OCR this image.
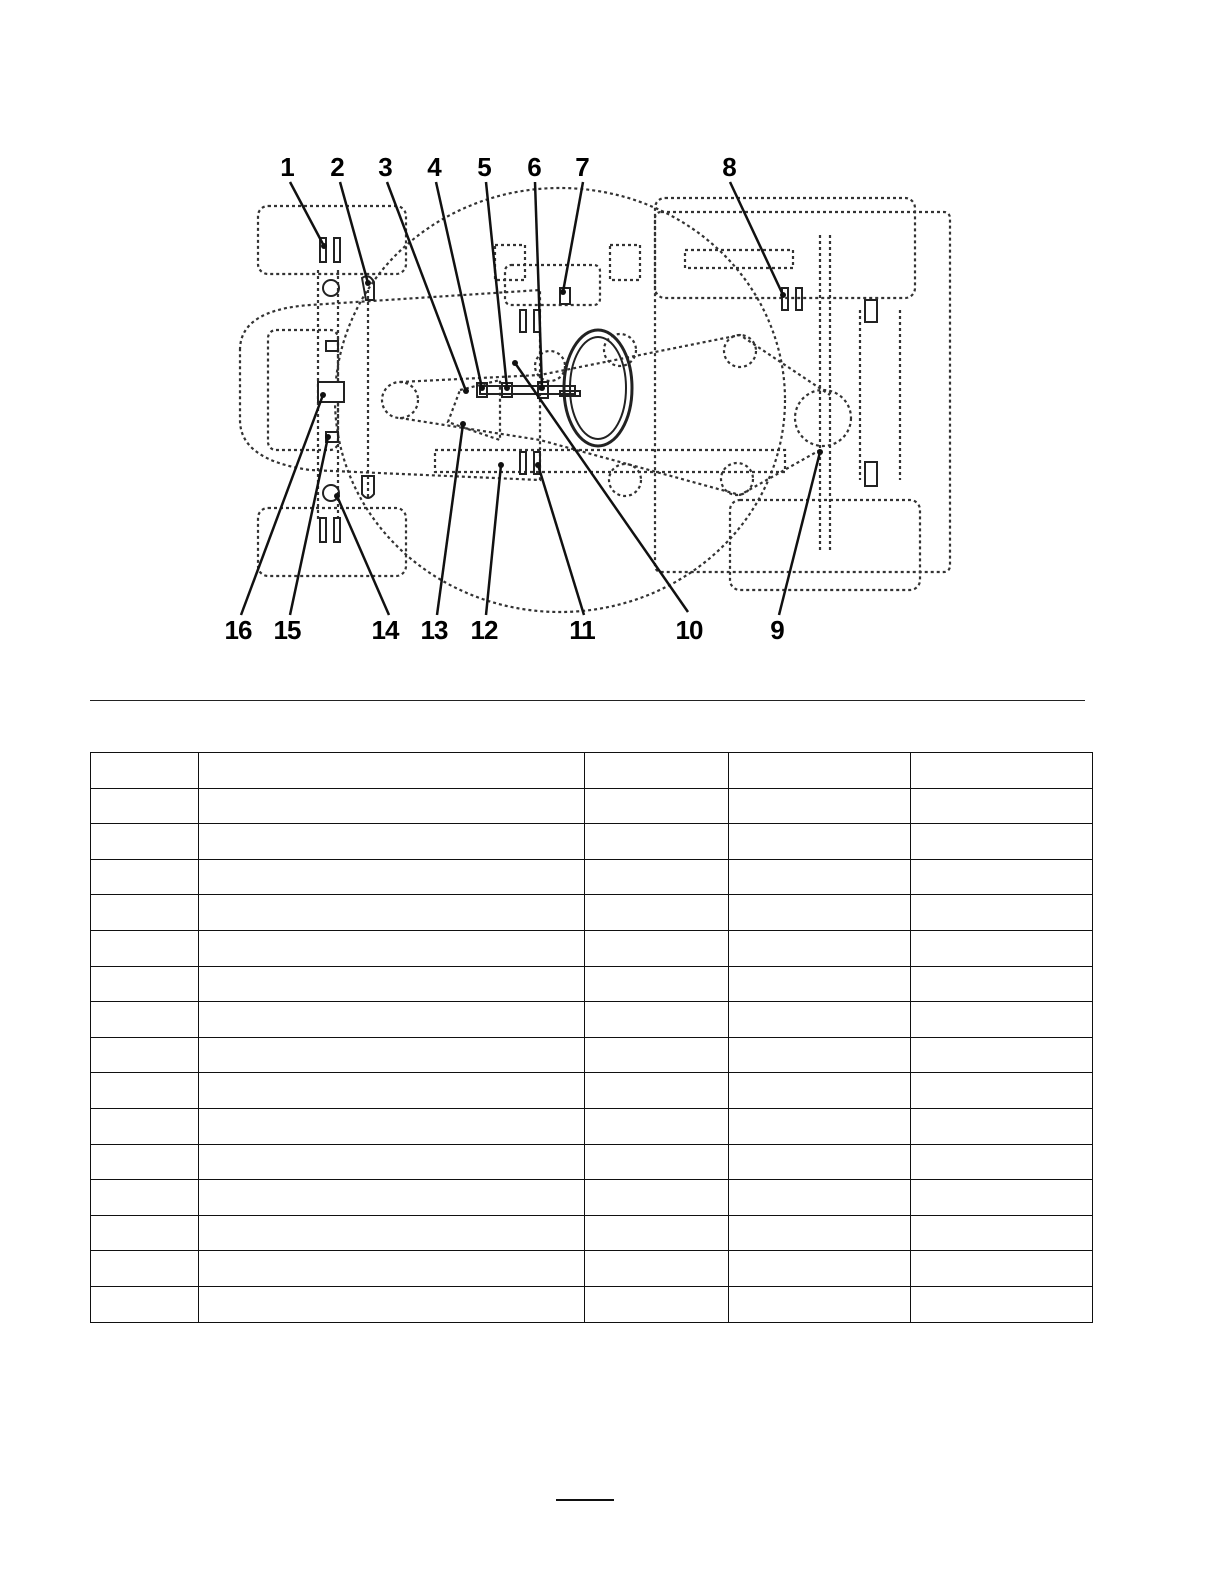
1 2 3 4 5 6 7	8
16 15	14 13 12	11	10	9
